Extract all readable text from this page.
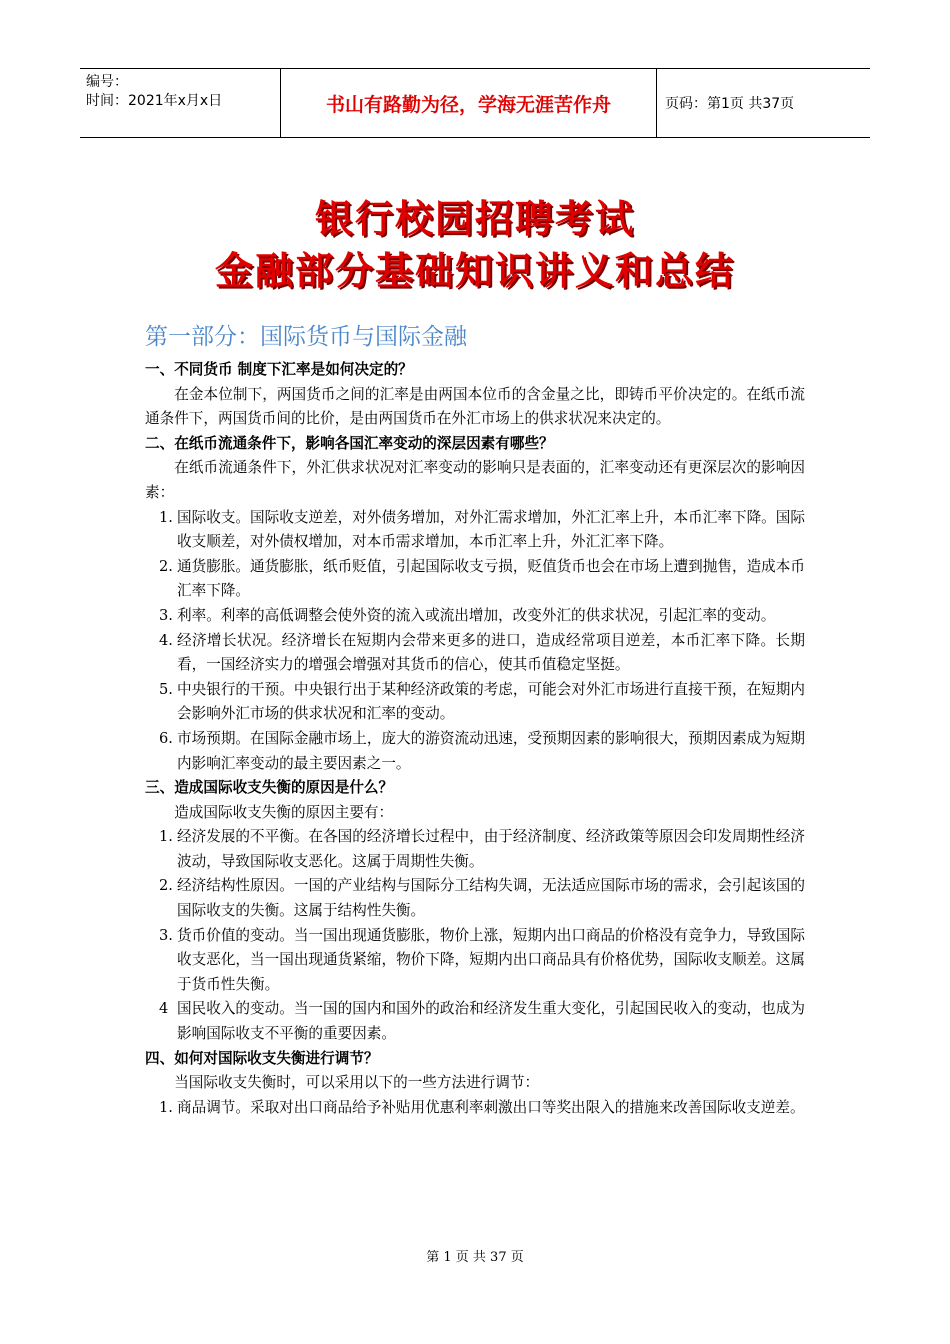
编号：
时间：2021年x月x日	书山有路勤为径，学海无涯苦作舟	页码：第1页 共37页
银行校园招聘考试
金融部分基础知识讲义和总结
第一部分：国际货币与国际金融
一、不同货币 制度下汇率是如何决定的？
在金本位制下，两国货币之间的汇率是由两国本位币的含金量之比，即铸币平价决定的。在纸币流通条件下，两国货币间的比价，是由两国货币在外汇市场上的供求状况来决定的。
二、在纸币流通条件下，影响各国汇率变动的深层因素有哪些？
在纸币流通条件下，外汇供求状况对汇率变动的影响只是表面的，汇率变动还有更深层次的影响因素：
1. 国际收支。国际收支逆差，对外债务增加，对外汇需求增加，外汇汇率上升，本币汇率下降。国际收支顺差，对外债权增加，对本币需求增加，本币汇率上升，外汇汇率下降。
2. 通货膨胀。通货膨胀，纸币贬值，引起国际收支亏损，贬值货币也会在市场上遭到抛售，造成本币汇率下降。
3. 利率。利率的高低调整会使外资的流入或流出增加，改变外汇的供求状况，引起汇率的变动。
4. 经济增长状况。经济增长在短期内会带来更多的进口，造成经常项目逆差，本币汇率下降。长期看，一国经济实力的增强会增强对其货币的信心，使其币值稳定坚挺。
5. 中央银行的干预。中央银行出于某种经济政策的考虑，可能会对外汇市场进行直接干预，在短期内会影响外汇市场的供求状况和汇率的变动。
6. 市场预期。在国际金融市场上，庞大的游资流动迅速，受预期因素的影响很大，预期因素成为短期内影响汇率变动的最主要因素之一。
三、造成国际收支失衡的原因是什么？
造成国际收支失衡的原因主要有：
1. 经济发展的不平衡。在各国的经济增长过程中，由于经济制度、经济政策等原因会印发周期性经济波动，导致国际收支恶化。这属于周期性失衡。
2. 经济结构性原因。一国的产业结构与国际分工结构失调，无法适应国际市场的需求，会引起该国的国际收支的失衡。这属于结构性失衡。
3. 货币价值的变动。当一国出现通货膨胀，物价上涨，短期内出口商品的价格没有竞争力，导致国际收支恶化，当一国出现通货紧缩，物价下降，短期内出口商品具有价格优势，国际收支顺差。这属于货币性失衡。
4 国民收入的变动。当一国的国内和国外的政治和经济发生重大变化，引起国民收入的变动，也成为影响国际收支不平衡的重要因素。
四、如何对国际收支失衡进行调节？
当国际收支失衡时，可以采用以下的一些方法进行调节：
1. 商品调节。采取对出口商品给予补贴用优惠利率刺激出口等奖出限入的措施来改善国际收支逆差。
第 1 页 共 37 页
